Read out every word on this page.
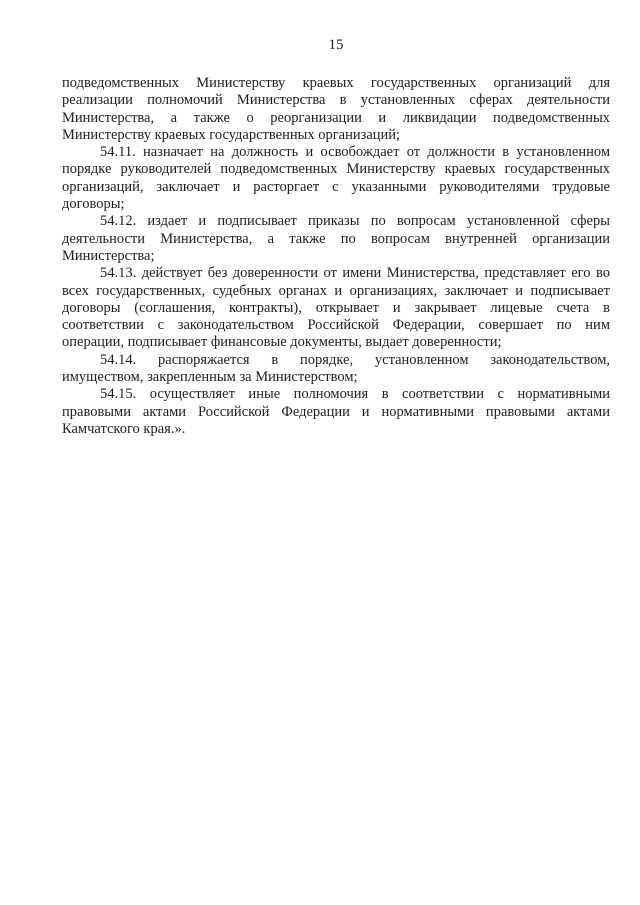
15
подведомственных Министерству краевых государственных организаций для
реализации полномочий Министерства в установленных сферах деятельности
Министерства, а также о реорганизации и ликвидации подведомственных
Министерству краевых государственных организаций;
54.11. назначает на должность и освобождает от должности в установленном
порядке руководителей подведомственных Министерству краевых государственных
организаций, заключает и расторгает с указанными руководителями трудовые
договоры;
54.12. издает и подписывает приказы по вопросам установленной сферы
деятельности Министерства, а также по вопросам внутренней организации
Министерства;
54.13. действует без доверенности от имени Министерства, представляет его во
всех государственных, судебных органах и организациях, заключает и подписывает
договоры (соглашения, контракты), открывает и закрывает лицевые счета в
соответствии с законодательством Российской Федерации, совершает по ним
операции, подписывает финансовые документы, выдает доверенности;
54.14. распоряжается в порядке, установленном законодательством,
имуществом, закрепленным за Министерством;
54.15. осуществляет иные полномочия в соответствии с нормативными
правовыми актами Российской Федерации и нормативными правовыми актами
Камчатского края.».
